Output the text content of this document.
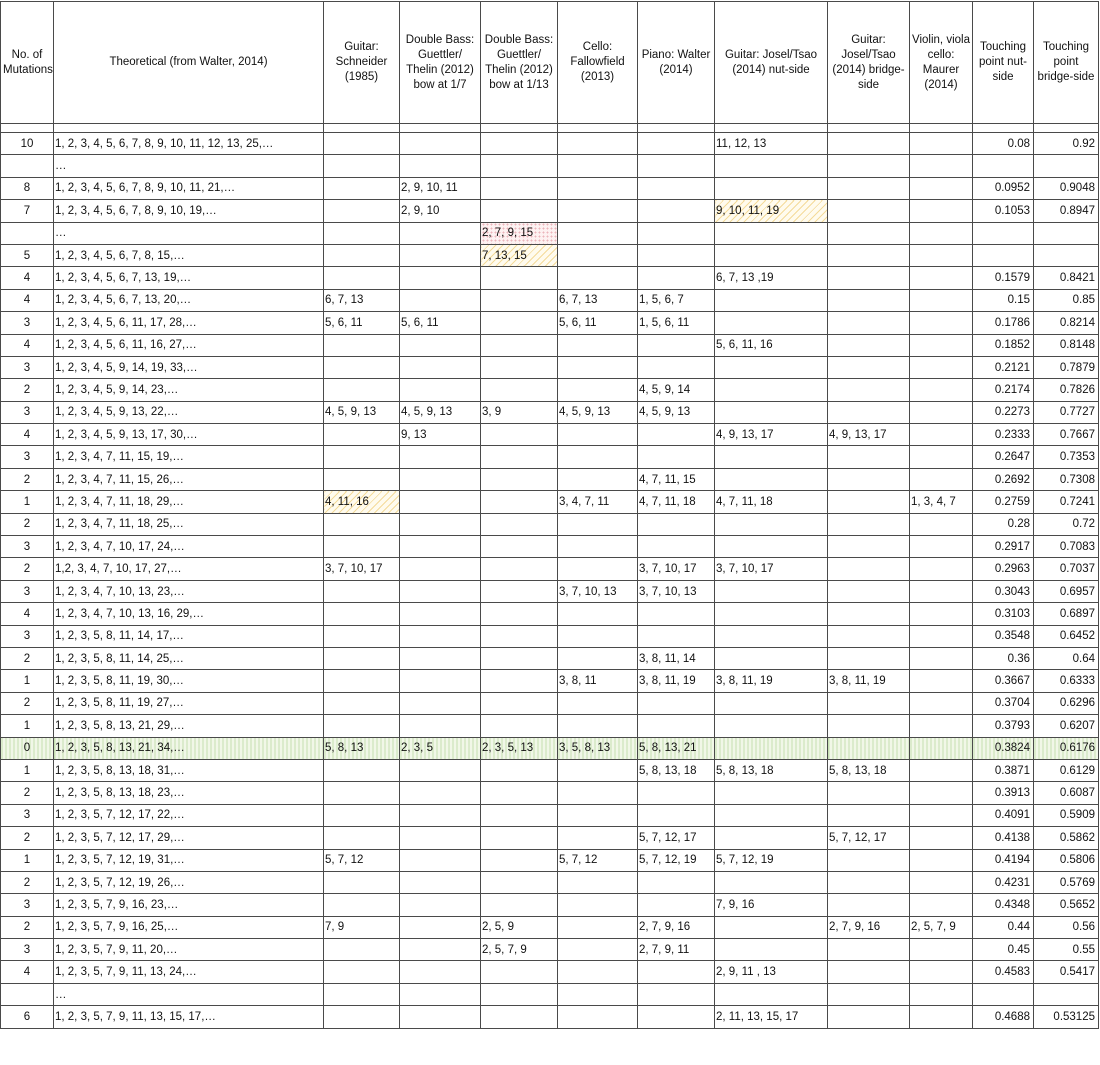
No. of Mutations	Theoretical (from Walter, 2014)	Guitar: Schneider (1985)	Double Bass: Guettler/ Thelin (2012) bow at 1/7	Double Bass: Guettler/ Thelin (2012) bow at 1/13	Cello: Fallowfield (2013)	Piano: Walter (2014)	Guitar: Josel/Tsao (2014) nut-side	Guitar: Josel/Tsao (2014) bridge-side	Violin, viola cello: Maurer (2014)	Touching point nut-side	Touching point bridge-side

10	1, 2, 3, 4, 5, 6, 7, 8, 9, 10, 11, 12, 13, 25,…						11, 12, 13			0.08	0.92
	…										
8	1, 2, 3, 4, 5, 6, 7, 8, 9, 10, 11, 21,…		2, 9, 10, 11							0.0952	0.9048
7	1, 2, 3, 4, 5, 6, 7, 8, 9, 10, 19,…		2, 9, 10				9, 10, 11, 19			0.1053	0.8947
	…			2, 7, 9, 15							
5	1, 2, 3, 4, 5, 6, 7, 8, 15,…			7, 13, 15							
4	1, 2, 3, 4, 5, 6, 7, 13, 19,…						6, 7, 13 ,19			0.1579	0.8421
4	1, 2, 3, 4, 5, 6, 7, 13, 20,…	6, 7, 13			6, 7, 13	1, 5, 6, 7				0.15	0.85
3	1, 2, 3, 4, 5, 6, 11, 17, 28,…	5, 6, 11	5, 6, 11		5, 6, 11	1, 5, 6, 11				0.1786	0.8214
4	1, 2, 3, 4, 5, 6, 11, 16, 27,…						5, 6, 11, 16			0.1852	0.8148
3	1, 2, 3, 4, 5, 9, 14, 19, 33,…									0.2121	0.7879
2	1, 2, 3, 4, 5, 9, 14, 23,…					4, 5, 9, 14				0.2174	0.7826
3	1, 2, 3, 4, 5, 9, 13, 22,…	4, 5, 9, 13	4, 5, 9, 13	3, 9	4, 5, 9, 13	4, 5, 9, 13				0.2273	0.7727
4	1, 2, 3, 4, 5, 9, 13, 17, 30,…		9, 13				4, 9, 13, 17	4, 9, 13, 17		0.2333	0.7667
3	1, 2, 3, 4, 7, 11, 15, 19,…									0.2647	0.7353
2	1, 2, 3, 4, 7, 11, 15, 26,…					4, 7, 11, 15				0.2692	0.7308
1	1, 2, 3, 4, 7, 11, 18, 29,…	4, 11, 16			3, 4, 7, 11	4, 7, 11, 18	4, 7, 11, 18		1, 3, 4, 7	0.2759	0.7241
2	1, 2, 3, 4, 7, 11, 18, 25,…									0.28	0.72
3	1, 2, 3, 4, 7, 10, 17, 24,…									0.2917	0.7083
2	1,2, 3, 4, 7, 10, 17, 27,…	3, 7, 10, 17				3, 7, 10, 17	3, 7, 10, 17			0.2963	0.7037
3	1, 2, 3, 4, 7, 10, 13, 23,…				3, 7, 10, 13	3, 7, 10, 13				0.3043	0.6957
4	1, 2, 3, 4, 7, 10, 13, 16, 29,…									0.3103	0.6897
3	1, 2, 3, 5, 8, 11, 14, 17,…									0.3548	0.6452
2	1, 2, 3, 5, 8, 11, 14, 25,…					3, 8, 11, 14				0.36	0.64
1	1, 2, 3, 5, 8, 11, 19, 30,…				3, 8, 11	3, 8, 11, 19	3, 8, 11, 19	3, 8, 11, 19		0.3667	0.6333
2	1, 2, 3, 5, 8, 11, 19, 27,…									0.3704	0.6296
1	1, 2, 3, 5, 8, 13, 21, 29,…									0.3793	0.6207
0	1, 2, 3, 5, 8, 13, 21, 34,…	5, 8, 13	2, 3, 5	2, 3, 5, 13	3, 5, 8, 13	5, 8, 13, 21				0.3824	0.6176
1	1, 2, 3, 5, 8, 13, 18, 31,…					5, 8, 13, 18	5, 8, 13, 18	5, 8, 13, 18		0.3871	0.6129
2	1, 2, 3, 5, 8, 13, 18, 23,…									0.3913	0.6087
3	1, 2, 3, 5, 7, 12, 17, 22,…									0.4091	0.5909
2	1, 2, 3, 5, 7, 12, 17, 29,…					5, 7, 12, 17		5, 7, 12, 17		0.4138	0.5862
1	1, 2, 3, 5, 7, 12, 19, 31,…	5, 7, 12			5, 7, 12	5, 7, 12, 19	5, 7, 12, 19			0.4194	0.5806
2	1, 2, 3, 5, 7, 12, 19, 26,…									0.4231	0.5769
3	1, 2, 3, 5, 7, 9, 16, 23,…						7, 9, 16			0.4348	0.5652
2	1, 2, 3, 5, 7, 9, 16, 25,…	7, 9		2, 5, 9		2, 7, 9, 16		2, 7, 9, 16	2, 5, 7, 9	0.44	0.56
3	1, 2, 3, 5, 7, 9, 11, 20,…			2, 5, 7, 9		2, 7, 9, 11				0.45	0.55
4	1, 2, 3, 5, 7, 9, 11, 13, 24,…						2, 9, 11 , 13			0.4583	0.5417
	…										
6	1, 2, 3, 5, 7, 9, 11, 13, 15, 17,…						2, 11, 13, 15, 17			0.4688	0.53125
